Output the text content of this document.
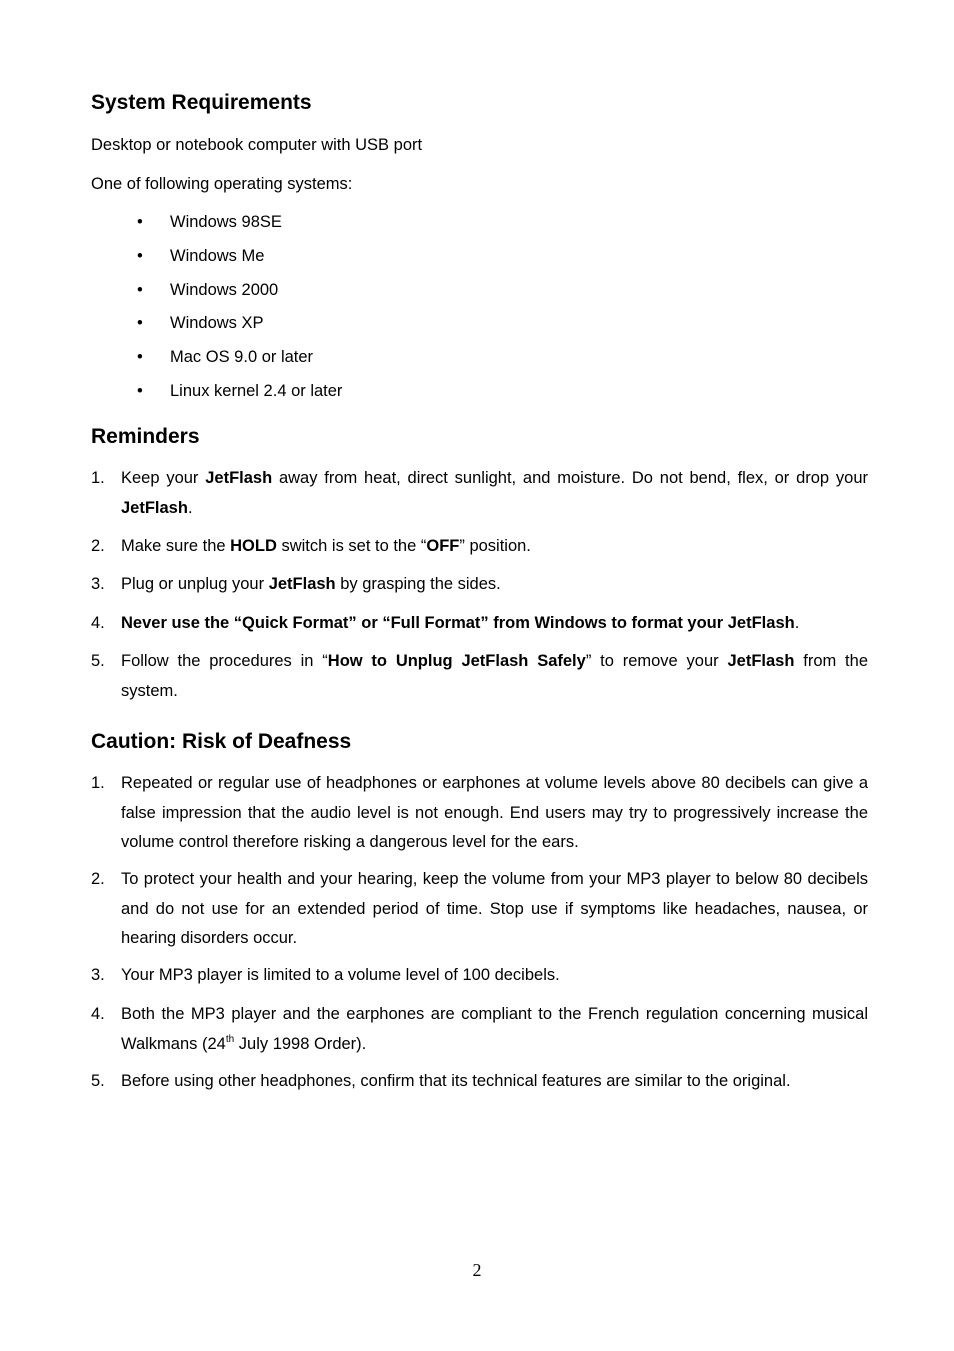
System Requirements

Desktop or notebook computer with USB port

One of following operating systems:

• Windows 98SE
• Windows Me
• Windows 2000
• Windows XP
• Mac OS 9.0 or later
• Linux kernel 2.4 or later
Reminders
1. Keep your JetFlash away from heat, direct sunlight, and moisture. Do not bend, flex, or drop your JetFlash.
2. Make sure the HOLD switch is set to the “OFF” position.
3. Plug or unplug your JetFlash by grasping the sides.
4. Never use the “Quick Format” or “Full Format” from Windows to format your JetFlash.
5. Follow the procedures in “How to Unplug JetFlash Safely” to remove your JetFlash from the system.
Caution: Risk of Deafness
1. Repeated or regular use of headphones or earphones at volume levels above 80 decibels can give a false impression that the audio level is not enough. End users may try to progressively increase the volume control therefore risking a dangerous level for the ears.
2. To protect your health and your hearing, keep the volume from your MP3 player to below 80 decibels and do not use for an extended period of time. Stop use if symptoms like headaches, nausea, or hearing disorders occur.
3. Your MP3 player is limited to a volume level of 100 decibels.
4. Both the MP3 player and the earphones are compliant to the French regulation concerning musical Walkmans (24th July 1998 Order).
5. Before using other headphones, confirm that its technical features are similar to the original.
2
